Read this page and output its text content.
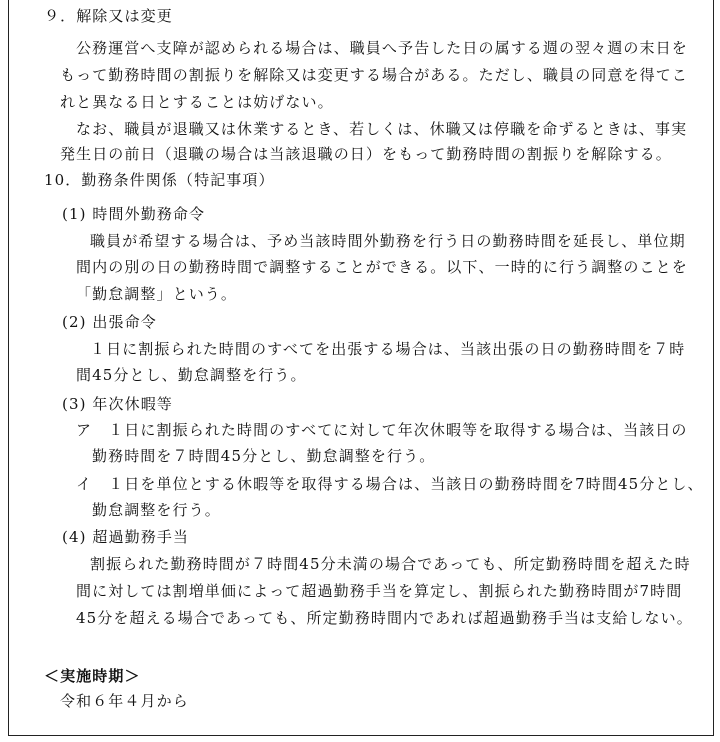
９．解除又は変更
公務運営へ支障が認められる場合は、職員へ予告した日の属する週の翌々週の末日を
もって勤務時間の割振りを解除又は変更する場合がある。ただし、職員の同意を得てこ
れと異なる日とすることは妨げない。
なお、職員が退職又は休業するとき、若しくは、休職又は停職を命ずるときは、事実
発生日の前日（退職の場合は当該退職の日）をもって勤務時間の割振りを解除する。
10．勤務条件関係（特記事項）
(1) 時間外勤務命令
職員が希望する場合は、予め当該時間外勤務を行う日の勤務時間を延長し、単位期
間内の別の日の勤務時間で調整することができる。以下、一時的に行う調整のことを
「勤怠調整」という。
(2) 出張命令
１日に割振られた時間のすべてを出張する場合は、当該出張の日の勤務時間を７時
間45分とし、勤怠調整を行う。
(3) 年次休暇等
ア　１日に割振られた時間のすべてに対して年次休暇等を取得する場合は、当該日の
勤務時間を７時間45分とし、勤怠調整を行う。
イ　１日を単位とする休暇等を取得する場合は、当該日の勤務時間を7時間45分とし、
勤怠調整を行う。
(4) 超過勤務手当
割振られた勤務時間が７時間45分未満の場合であっても、所定勤務時間を超えた時
間に対しては割増単価によって超過勤務手当を算定し、割振られた勤務時間が7時間
45分を超える場合であっても、所定勤務時間内であれば超過勤務手当は支給しない。
＜実施時期＞
令和６年４月から
